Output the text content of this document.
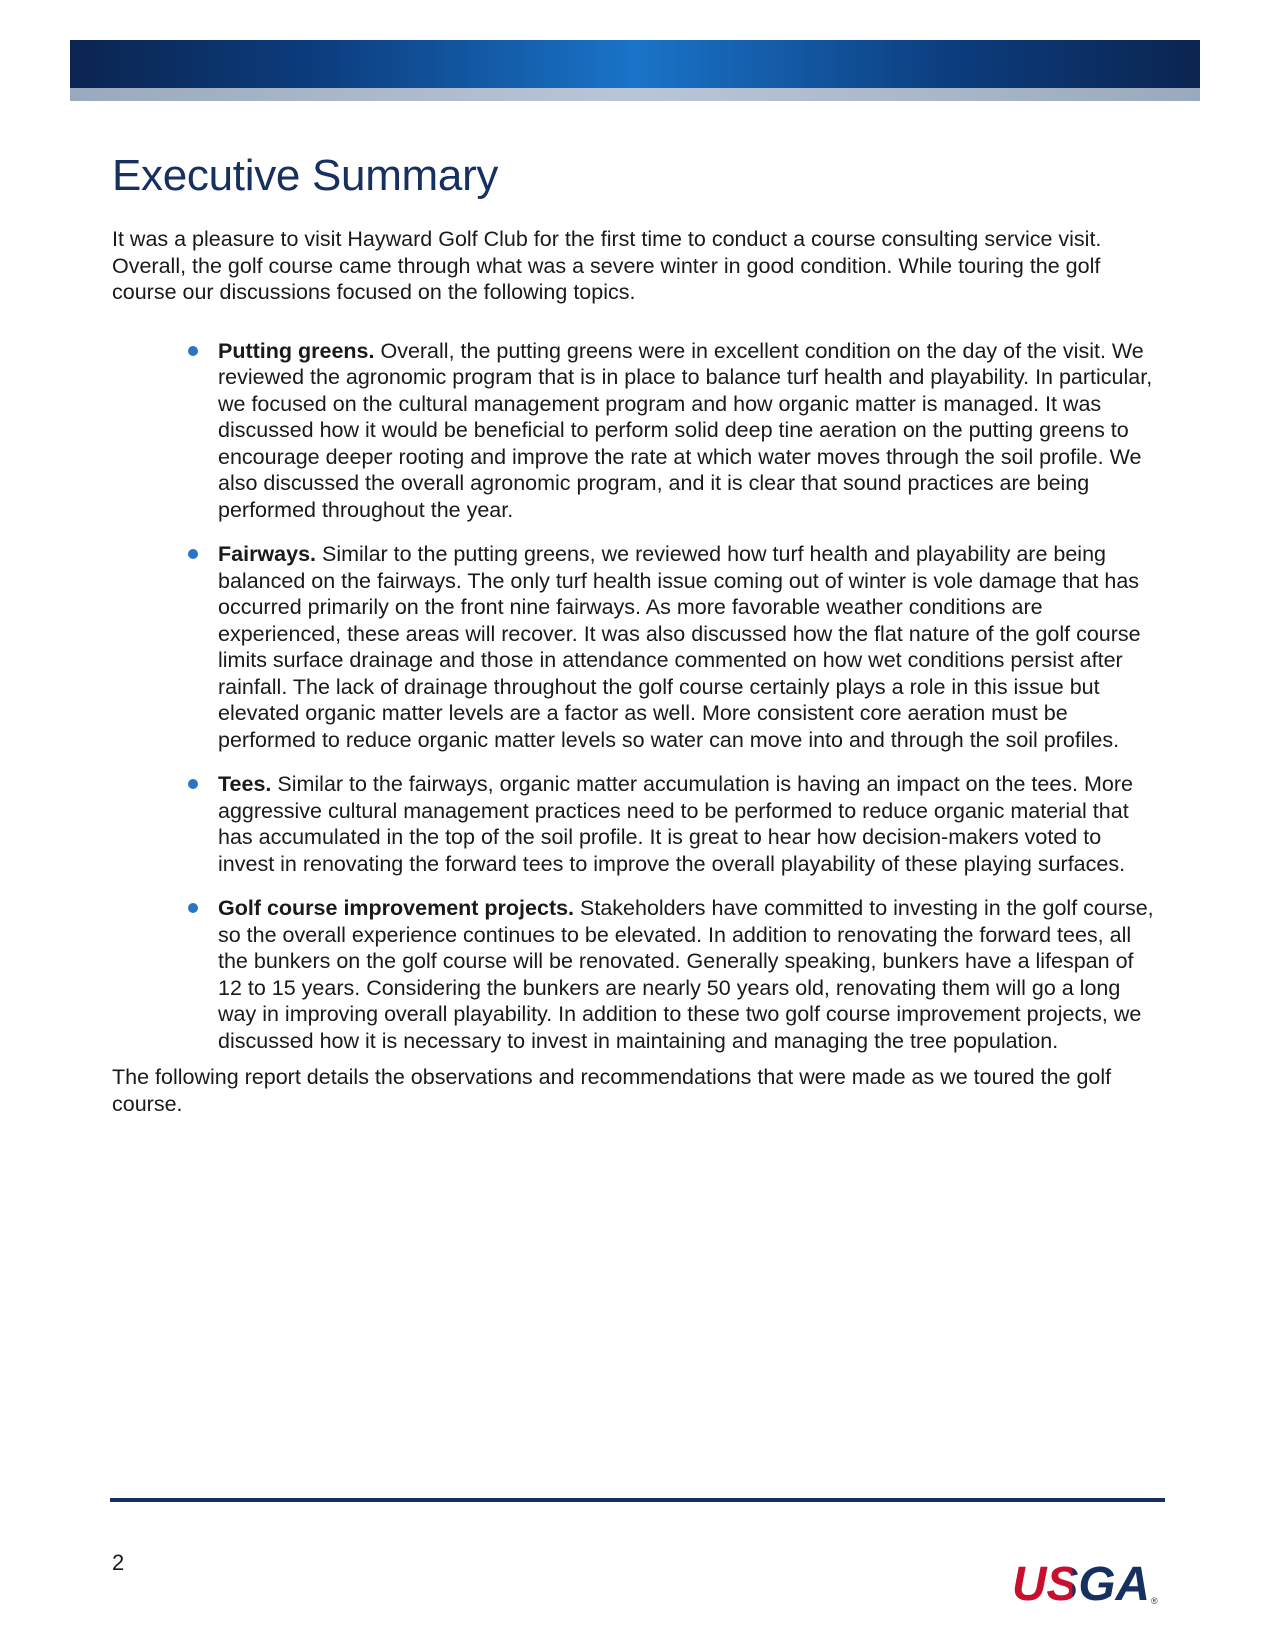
Executive Summary

It was a pleasure to visit Hayward Golf Club for the first time to conduct a course consulting service visit. Overall, the golf course came through what was a severe winter in good condition. While touring the golf course our discussions focused on the following topics.

Putting greens. Overall, the putting greens were in excellent condition on the day of the visit. We reviewed the agronomic program that is in place to balance turf health and playability. In particular, we focused on the cultural management program and how organic matter is managed. It was discussed how it would be beneficial to perform solid deep tine aeration on the putting greens to encourage deeper rooting and improve the rate at which water moves through the soil profile. We also discussed the overall agronomic program, and it is clear that sound practices are being performed throughout the year.
Fairways. Similar to the putting greens, we reviewed how turf health and playability are being balanced on the fairways. The only turf health issue coming out of winter is vole damage that has occurred primarily on the front nine fairways. As more favorable weather conditions are experienced, these areas will recover. It was also discussed how the flat nature of the golf course limits surface drainage and those in attendance commented on how wet conditions persist after rainfall. The lack of drainage throughout the golf course certainly plays a role in this issue but elevated organic matter levels are a factor as well. More consistent core aeration must be performed to reduce organic matter levels so water can move into and through the soil profiles.
Tees. Similar to the fairways, organic matter accumulation is having an impact on the tees. More aggressive cultural management practices need to be performed to reduce organic material that has accumulated in the top of the soil profile. It is great to hear how decision-makers voted to invest in renovating the forward tees to improve the overall playability of these playing surfaces.
Golf course improvement projects. Stakeholders have committed to investing in the golf course, so the overall experience continues to be elevated. In addition to renovating the forward tees, all the bunkers on the golf course will be renovated. Generally speaking, bunkers have a lifespan of 12 to 15 years. Considering the bunkers are nearly 50 years old, renovating them will go a long way in improving overall playability. In addition to these two golf course improvement projects, we discussed how it is necessary to invest in maintaining and managing the tree population.

The following report details the observations and recommendations that were made as we toured the golf course.

2	USGA ®
